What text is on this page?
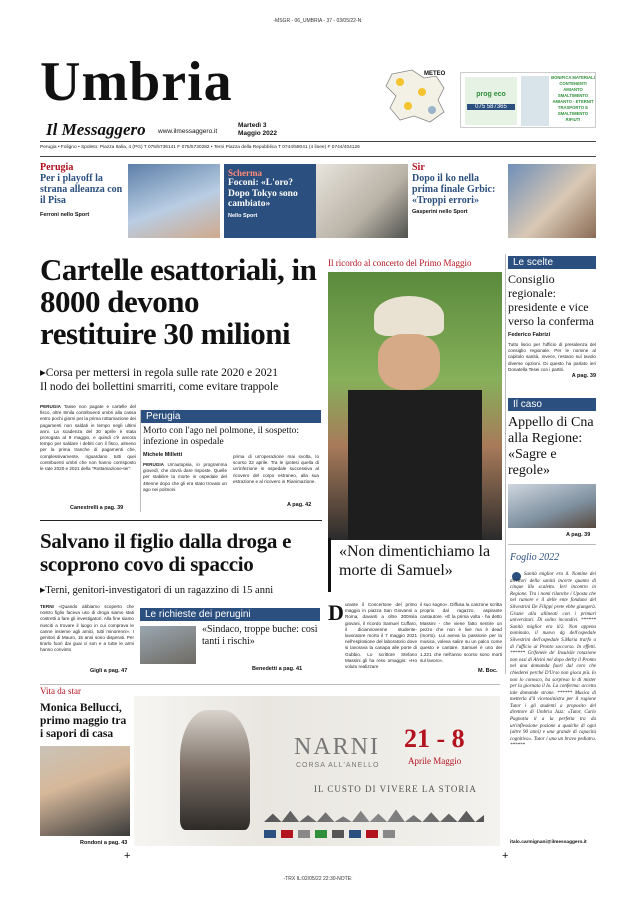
-MSGR - 06_UMBRIA - 37 - 03/05/22-N:
Umbria
Il Messaggero www.ilmessaggero.it
Martedì 3
Maggio 2022
METEO
prog eco
075 587365
BONIFICA MATERIALI CONTENENTI AMIANTO SMALTIMENTO AMIANTO - ETERNIT TRASPORTO E SMALTIMENTO RIFIUTI
Perugia • Foligno • Spoleto: Piazza Italia, 4 (PG) T 075/5736141 F 075/5730282 • Terni Piazza della Repubblica T 0744/58041 (4 linee) F 0744/404126
Perugia
Per i playoff la strana alleanza con il Pisa
Ferroni nello Sport
Scherma
Foconi: «L'oro? Dopo Tokyo sono cambiato»
Nello Sport
Sir
Dopo il ko nella prima finale Grbic: «Troppi errori»
Gasperini nello Sport
Cartelle esattoriali, in 8000 devono restituire 30 milioni
▸Corsa per mettersi in regola sulle rate 2020 e 2021
Il nodo dei bollettini smarriti, come evitare trappole
PERUGIA Tasse non pagate e cartelle del fisco, oltre 8mila contribuenti umbri alla cassa entro pochi giorni per la prima rottamazione dei pagamenti non saldati in tempo negli ultimi anni. La scadenza del 30 aprile è stata prorogata al 9 maggio, e quindi c'è ancora tempo per saldare i debiti con il fisco, almeno per la prima tranche di pagamenti che, complessivamente, riguardano tutti quei contribuenti umbri che non hanno corrisposto le rate 2020 e 2021 della "Rottamazione-ter".
Canestrelli a pag. 39
Perugia
Morto con l'ago nel polmone, il sospetto: infezione in ospedale
Michele Milletti
PERUGIA Un'autopsia, in programma giovedì, che dovrà dare risposte. Quelle per stabilire la morte in ospedale del 48enne dopo che gli era stato trovato un ago nei polmoni
prima di un'operazione mai svolta, lo scorso 22 aprile. Tra le ipotesi quella di un'infezione in ospedale successiva al ricovero del corpo estraneo, alla sua estrazione e al ricovero in Rianimazione.
A pag. 42
Salvano il figlio dalla droga e scoprono covo di spaccio
▸Terni, genitori-investigatori di un ragazzino di 15 anni
TERNI «Quando abbiamo scoperto che nostro figlio faceva uso di droga siamo stati costretti a fare gli investigatori. Alla fine siamo riusciti a trovare il luogo in cui comprava le canne insieme agli amici, tutti minorenni». I genitori di Mauro, 15 anni sono disperati. Per tirarlo fuori dai guai ci son e a tutte le armi hanno convinto
Giglì a pag. 47
Le richieste dei perugini
«Sindaco, troppe buche: così tanti i rischi»
Benedetti a pag. 41
Il ricordo al concerto del Primo Maggio
«Non dimentichiamo la morte di Samuel»
D urante il Concertone del primo maggio in piazza San Giovanni a Roma, davanti a oltre 300mila giovani, il ricordo Samuel Cuffaro, il diciannovenne studente-lavoratore morto il 7 maggio 2021 nell'esplosione del laboratorio dove si lavorava la canapa alle porte di Gubbio. Lo scrittore Stefano Massini gli ha reso omaggio: «Ho voluto realizzare
il suo sogno». Diffusa la canzone scritta proprio dal ragazzo, aspirante cantautore. «È la prima volta - ha detto Massini - che viene fatto sentire un pezzo che non è live ma è dead (morto). Lui aveva la passione per la musica, voleva salire su un palco come questo e cantare. Samuel è uno dei 1.221 che nell'anno scorso sono morti sul lavoro».
M. Boc.
Le scelte
Consiglio regionale: presidente e vice verso la conferma
Federico Fabrizi
Tutto liscio per l'ufficio di presidenza del consiglio regionale. Per le nomine al capitolo sanità, invece, restano sul tavolo diverse opzioni. Di questo ha parlato ieri Donatella Tesei con i partiti.
A pag. 39
Il caso
Appello di Cna alla Regione: «Sagre e regole»
A pag. 39
Foglio 2022
Sanità miglior era il. Nomine dei direttori della sanità incerte quanto di cinque illo scaletto. Ieri incontro in Regione. Tra i nomi rilanche i Uposta che nel rumore e il delle ente fondano del Silvestrini De Filippi prete ebbe giungerà. Grazie alla allineati con i primari universitari. Di solito incondivi. ****** Sanità miglior era il/2. Non appena nominato, il nuovo dg dell'ospedale Silvestrini dell'ospedale S.Maria trarfo a di l'ufficio al Pronto soccorso. In effetti. ****** Grifonele de' Insulsile rotazione non ossi di Alvini nel dopo derby il Pronto nel una domanda fuori dal coro che chiederei perché D'Urso non gioca più. Io non lo conosco, ha sorpreso lo di mister per la giornata il Io. La conferma: accetta tale domande strane. ****** Musica di metterla d'il vicetosinistra per il ragione Tutor i gli studenti a proposito del direttore di Umbria Jazz: «Tutor, Carlo Pagnotta il a la perfetta tra da un'inflessione pozione a qualche di ogni (altre 90 anni) e una grande di capacità cognitiva». Tutor i una un bravo pediatra. ******
italo.carmignani@ilmessaggero.it
Vita da star
Monica Bellucci, primo maggio tra i sapori di casa
Rondoni a pag. 43
NARNI
CORSA ALL'ANELLO
21 - 8
Aprile Maggio
IL CUSTO DI VIVERE LA STORIA
+	+
-TRX IL:02/05/22 22:30-NOTE:
